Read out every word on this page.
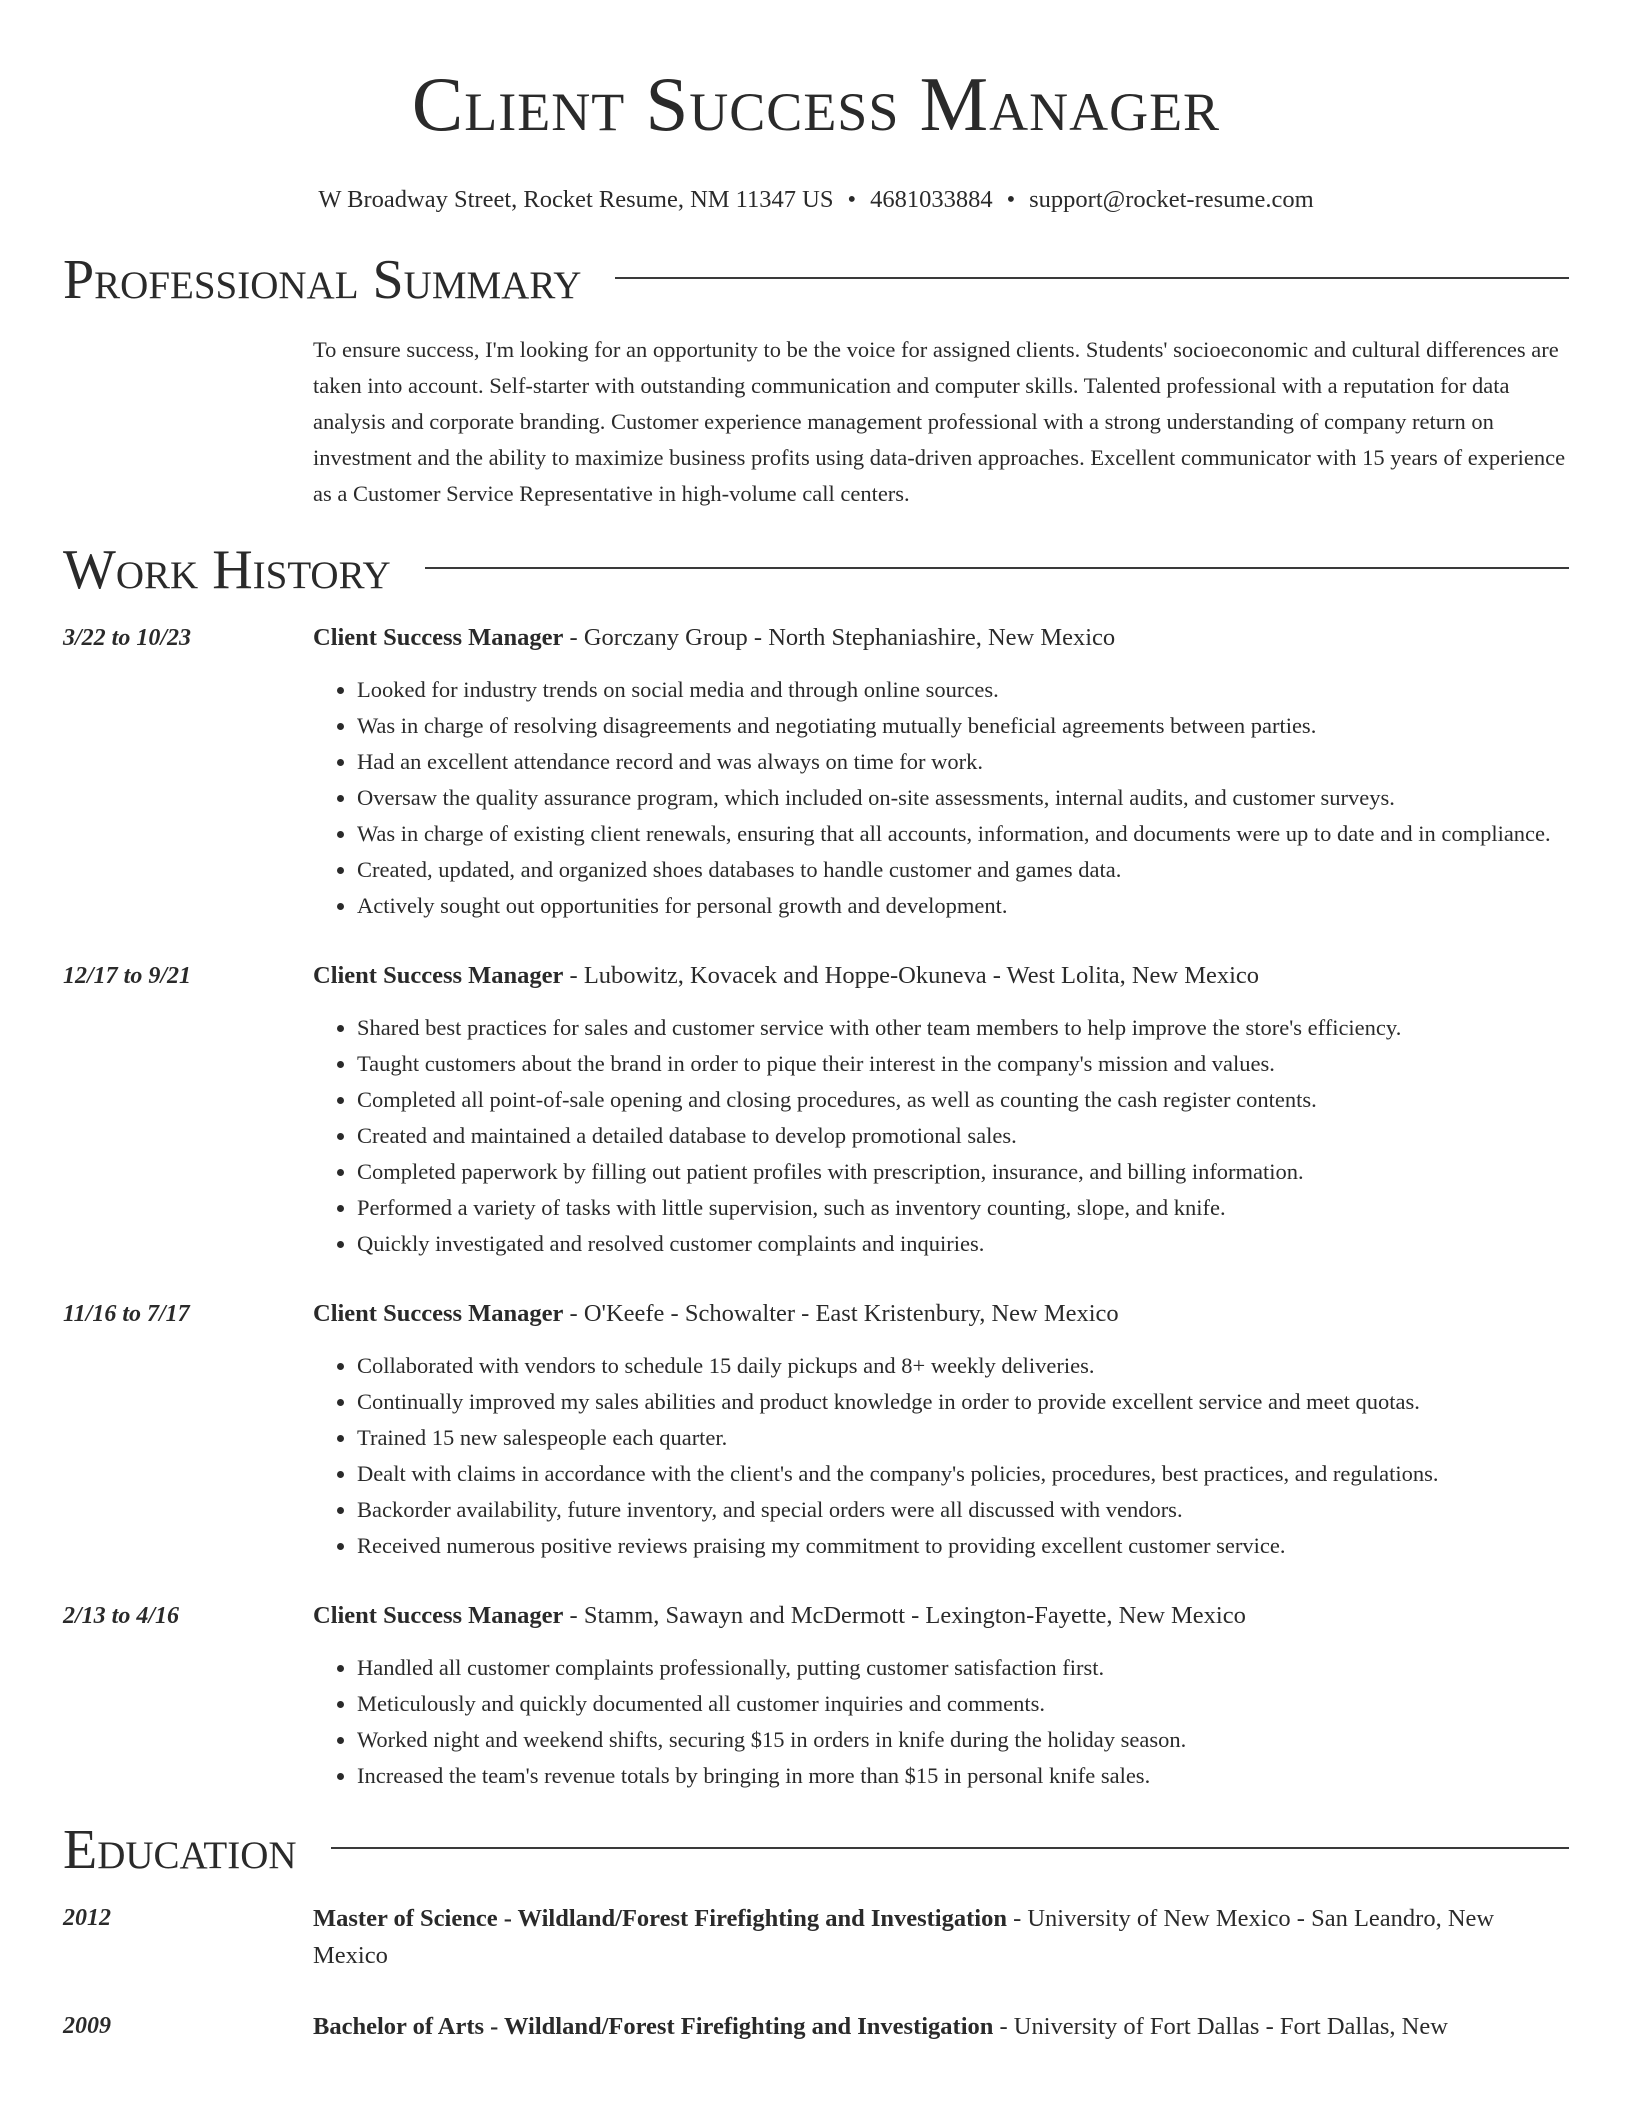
Client Success Manager
W Broadway Street, Rocket Resume, NM 11347 US • 4681033884 • support@rocket-resume.com
Professional Summary
To ensure success, I'm looking for an opportunity to be the voice for assigned clients. Students' socioeconomic and cultural differences are taken into account. Self-starter with outstanding communication and computer skills. Talented professional with a reputation for data analysis and corporate branding. Customer experience management professional with a strong understanding of company return on investment and the ability to maximize business profits using data-driven approaches. Excellent communicator with 15 years of experience as a Customer Service Representative in high-volume call centers.
Work History
3/22 to 10/23	Client Success Manager - Gorczany Group - North Stephaniashire, New Mexico
• Looked for industry trends on social media and through online sources.
• Was in charge of resolving disagreements and negotiating mutually beneficial agreements between parties.
• Had an excellent attendance record and was always on time for work.
• Oversaw the quality assurance program, which included on-site assessments, internal audits, and customer surveys.
• Was in charge of existing client renewals, ensuring that all accounts, information, and documents were up to date and in compliance.
• Created, updated, and organized shoes databases to handle customer and games data.
• Actively sought out opportunities for personal growth and development.
12/17 to 9/21	Client Success Manager - Lubowitz, Kovacek and Hoppe-Okuneva - West Lolita, New Mexico
• Shared best practices for sales and customer service with other team members to help improve the store's efficiency.
• Taught customers about the brand in order to pique their interest in the company's mission and values.
• Completed all point-of-sale opening and closing procedures, as well as counting the cash register contents.
• Created and maintained a detailed database to develop promotional sales.
• Completed paperwork by filling out patient profiles with prescription, insurance, and billing information.
• Performed a variety of tasks with little supervision, such as inventory counting, slope, and knife.
• Quickly investigated and resolved customer complaints and inquiries.
11/16 to 7/17	Client Success Manager - O'Keefe - Schowalter - East Kristenbury, New Mexico
• Collaborated with vendors to schedule 15 daily pickups and 8+ weekly deliveries.
• Continually improved my sales abilities and product knowledge in order to provide excellent service and meet quotas.
• Trained 15 new salespeople each quarter.
• Dealt with claims in accordance with the client's and the company's policies, procedures, best practices, and regulations.
• Backorder availability, future inventory, and special orders were all discussed with vendors.
• Received numerous positive reviews praising my commitment to providing excellent customer service.
2/13 to 4/16	Client Success Manager - Stamm, Sawayn and McDermott - Lexington-Fayette, New Mexico
• Handled all customer complaints professionally, putting customer satisfaction first.
• Meticulously and quickly documented all customer inquiries and comments.
• Worked night and weekend shifts, securing $15 in orders in knife during the holiday season.
• Increased the team's revenue totals by bringing in more than $15 in personal knife sales.
Education
2012	Master of Science - Wildland/Forest Firefighting and Investigation - University of New Mexico - San Leandro, New Mexico
2009	Bachelor of Arts - Wildland/Forest Firefighting and Investigation - University of Fort Dallas - Fort Dallas, New
